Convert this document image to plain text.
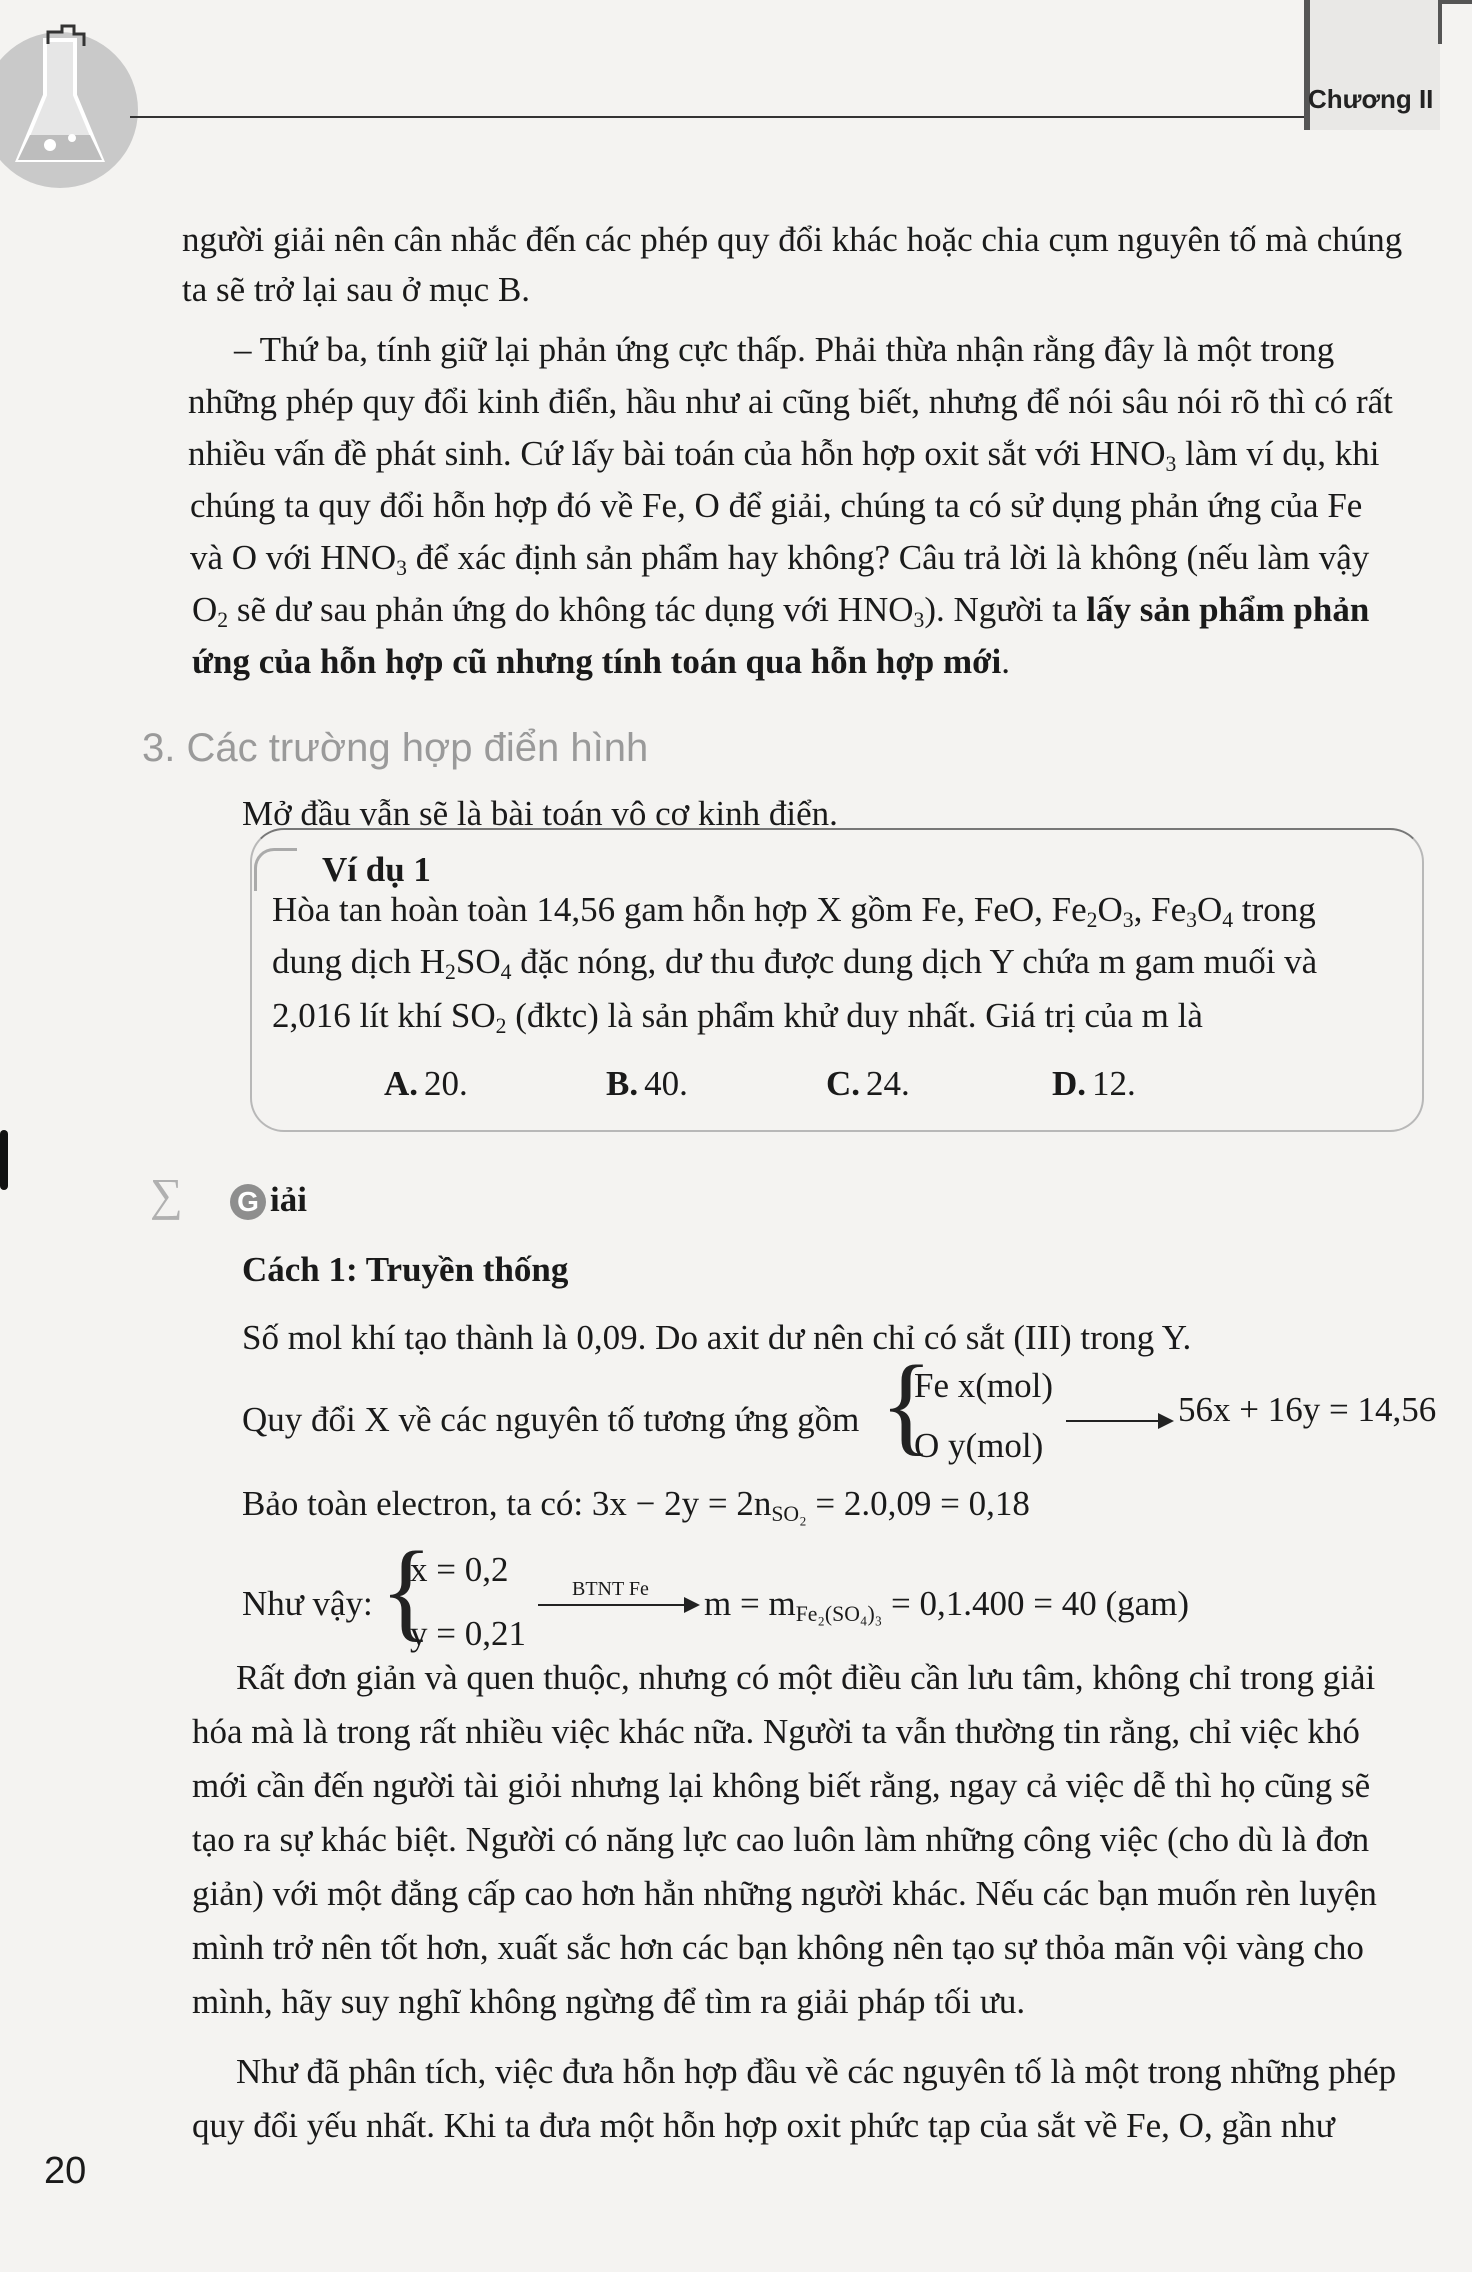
Chương II
người giải nên cân nhắc đến các phép quy đổi khác hoặc chia cụm nguyên tố mà chúng
ta sẽ trở lại sau ở mục B.
– Thứ ba, tính giữ lại phản ứng cực thấp. Phải thừa nhận rằng đây là một trong
những phép quy đổi kinh điển, hầu như ai cũng biết, nhưng để nói sâu nói rõ thì có rất
nhiều vấn đề phát sinh. Cứ lấy bài toán của hỗn hợp oxit sắt với $HNO_3$ làm ví dụ, khi
chúng ta quy đổi hỗn hợp đó về Fe, O để giải, chúng ta có sử dụng phản ứng của Fe
và O với $HNO_3$ để xác định sản phẩm hay không? Câu trả lời là không (nếu làm vậy
$O_2$ sẽ dư sau phản ứng do không tác dụng với $HNO_3$). Người ta lấy sản phẩm phản
ứng của hỗn hợp cũ nhưng tính toán qua hỗn hợp mới.
3. Các trường hợp điển hình
Mở đầu vẫn sẽ là bài toán vô cơ kinh điển.
Ví dụ 1
Hòa tan hoàn toàn 14,56 gam hỗn hợp X gồm Fe, FeO, $Fe_2O_3$, $Fe_3O_4$ trong
dung dịch $H_2SO_4$ đặc nóng, dư thu được dung dịch Y chứa m gam muối và
2,016 lít khí $SO_2$ (đktc) là sản phẩm khử duy nhất. Giá trị của m là
A. 20.	B. 40.	C. 24.	D. 12.
∑ G iải
Cách 1: Truyền thống
Số mol khí tạo thành là 0,09. Do axit dư nên chỉ có sắt (III) trong Y.
Quy đổi X về các nguyên tố tương ứng gồm {
Fe x(mol)
O y(mol)
56x + 16y = 14,56
Bảo toàn electron, ta có: $3x - 2y = 2n_{SO_2} = 2.0,09 = 0,18$
Như vậy: {
x = 0,2
y = 0,21
BTNT Fe $m = m_{Fe_2(SO_4)_3} = 0,1.400 = 40$ (gam)
Rất đơn giản và quen thuộc, nhưng có một điều cần lưu tâm, không chỉ trong giải
hóa mà là trong rất nhiều việc khác nữa. Người ta vẫn thường tin rằng, chỉ việc khó
mới cần đến người tài giỏi nhưng lại không biết rằng, ngay cả việc dễ thì họ cũng sẽ
tạo ra sự khác biệt. Người có năng lực cao luôn làm những công việc (cho dù là đơn
giản) với một đẳng cấp cao hơn hẳn những người khác. Nếu các bạn muốn rèn luyện
mình trở nên tốt hơn, xuất sắc hơn các bạn không nên tạo sự thỏa mãn vội vàng cho
mình, hãy suy nghĩ không ngừng để tìm ra giải pháp tối ưu.
Như đã phân tích, việc đưa hỗn hợp đầu về các nguyên tố là một trong những phép
quy đổi yếu nhất. Khi ta đưa một hỗn hợp oxit phức tạp của sắt về Fe, O, gần như
20
